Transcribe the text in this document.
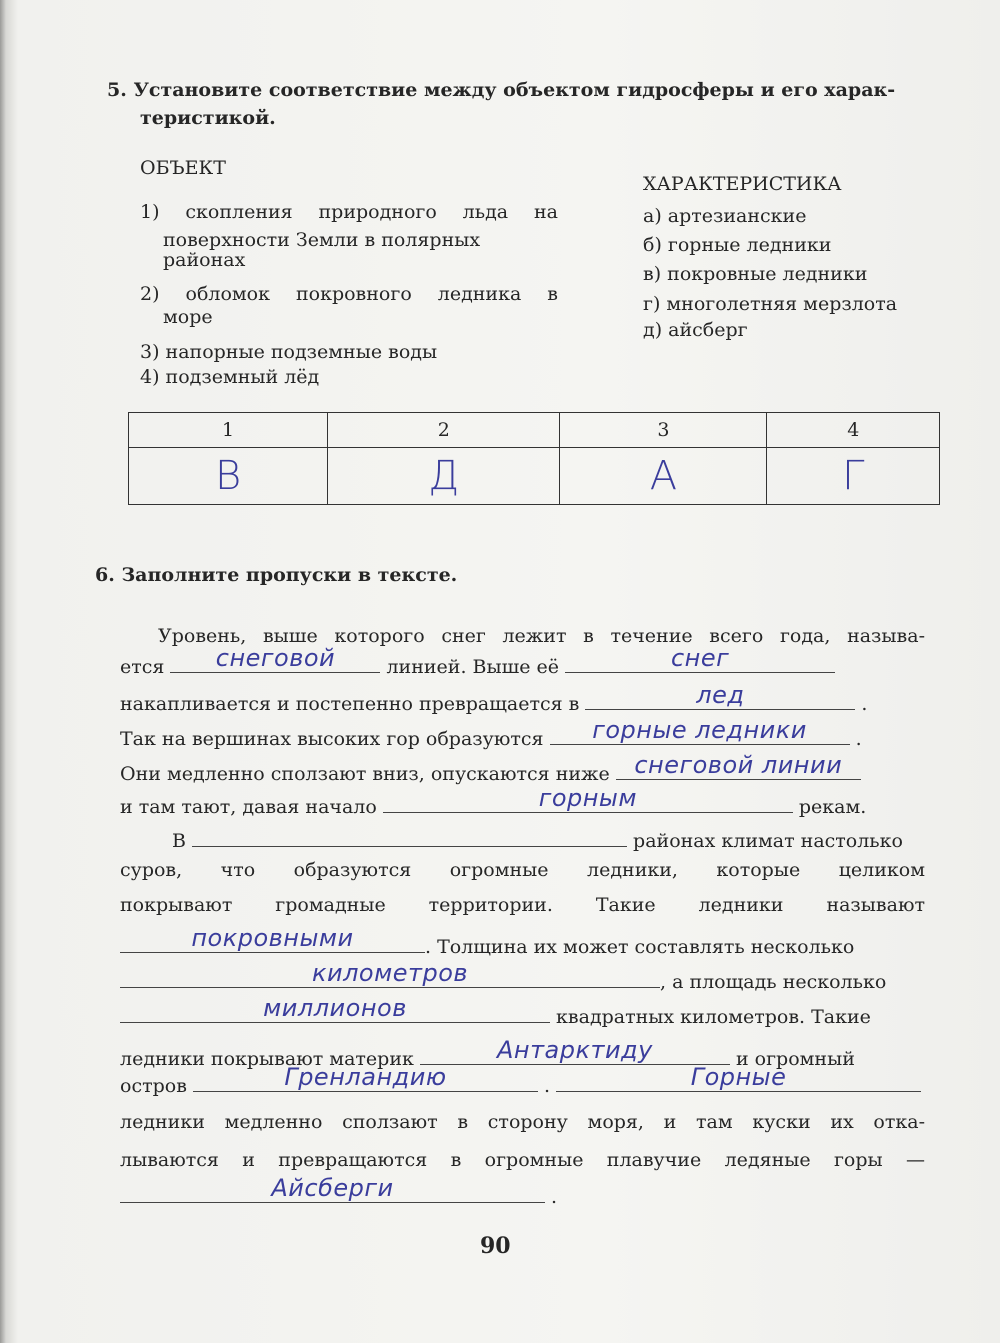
5. Установите соответствие между объектом гидросферы и его харак-
теристикой.
ОБЪЕКТ
ХАРАКТЕРИСТИКА
1) скопления природного льда на
поверхности Земли в полярных
районах
2) обломок покровного ледника в
море
3) напорные подземные воды
4) подземный лёд
а) артезианские
б) горные ледники
в) покровные ледники
г) многолетняя мерзлота
д) айсберг
1	2	3	4
В	Д	А	Г
6. Заполните пропуски в тексте.
Уровень, выше которого снег лежит в течение всего года, называ-
ется	снеговой	линией. Выше её	снег
накапливается и постепенно превращается в	лед	.
Так на вершинах высоких гор образуются	горные ледники	.
Они медленно сползают вниз, опускаются ниже снеговой линии
и там тают, давая начало	горным	рекам.
В	районах климат настолько
суров, что образуются огромные ледники, которые целиком
покрывают громадные территории. Такие ледники называют
покровными	. Толщина их может составлять несколько
километров	, а площадь несколько
миллионов	квадратных километров. Такие
ледники покрывают материк	Антарктиду	и огромный
остров	Гренландию	.	Горные
ледники медленно сползают в сторону моря, и там куски их отка-
лываются и превращаются в огромные плавучие ледяные горы —
Айсберги	.
90
